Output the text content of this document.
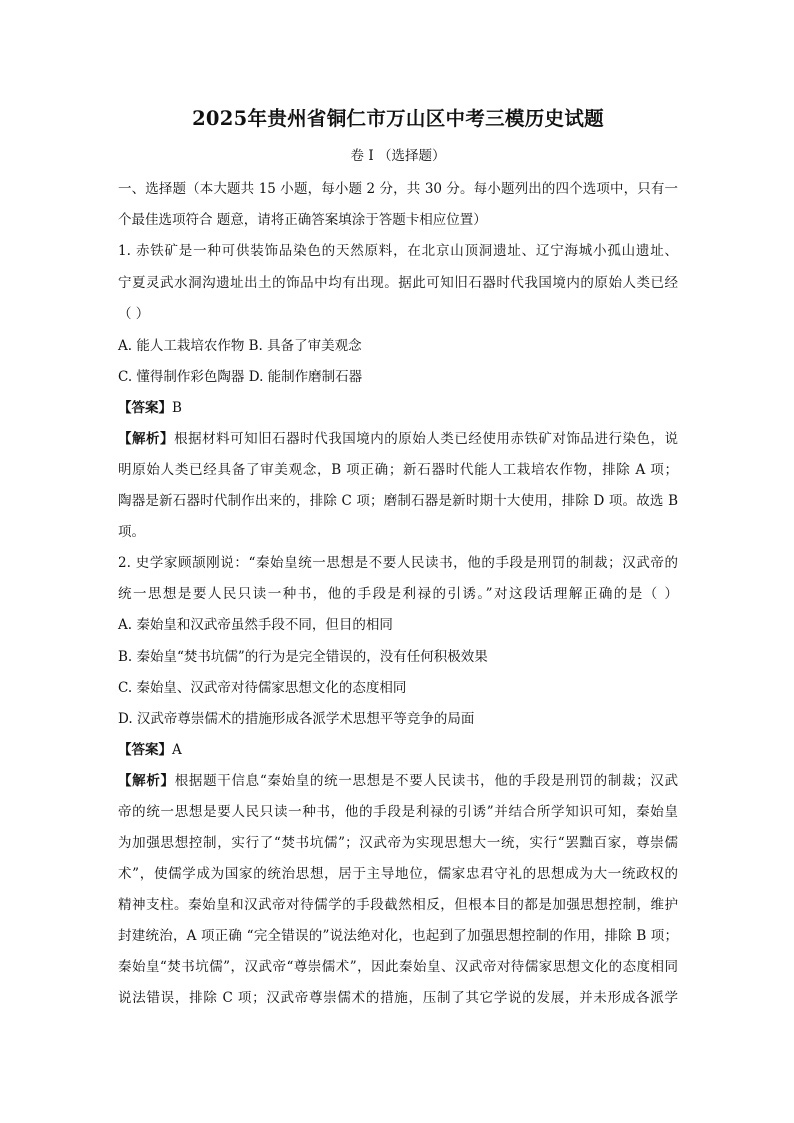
2025年贵州省铜仁市万山区中考三模历史试题
卷 I （选择题）
一、选择题（本大题共 15 小题，每小题 2 分，共 30 分。每小题列出的四个选项中，只有一
个最佳选项符合 题意，请将正确答案填涂于答题卡相应位置）
1. 赤铁矿是一种可供装饰品染色的天然原料，在北京山顶洞遗址、辽宁海城小孤山遗址、
宁夏灵武水洞沟遗址出土的饰品中均有出现。据此可知旧石器时代我国境内的原始人类已经
（ ）
A. 能人工栽培农作物 B. 具备了审美观念
C. 懂得制作彩色陶器 D. 能制作磨制石器
【答案】B
【解析】根据材料可知旧石器时代我国境内的原始人类已经使用赤铁矿对饰品进行染色，说
明原始人类已经具备了审美观念，B 项正确；新石器时代能人工栽培农作物，排除 A 项；
陶器是新石器时代制作出来的，排除 C 项；磨制石器是新时期十大使用，排除 D 项。故选 B
项。
2. 史学家顾颉刚说：“秦始皇统一思想是不要人民读书，他的手段是刑罚的制裁；汉武帝的
统一思想是要人民只读一种书，他的手段是利禄的引诱。”对这段话理解正确的是（ ）
A. 秦始皇和汉武帝虽然手段不同，但目的相同
B. 秦始皇“焚书坑儒”的行为是完全错误的，没有任何积极效果
C. 秦始皇、汉武帝对待儒家思想文化的态度相同
D. 汉武帝尊崇儒术的措施形成各派学术思想平等竞争的局面
【答案】A
【解析】根据题干信息“秦始皇的统一思想是不要人民读书，他的手段是刑罚的制裁；汉武
帝的统一思想是要人民只读一种书，他的手段是利禄的引诱”并结合所学知识可知，秦始皇
为加强思想控制，实行了“焚书坑儒”；汉武帝为实现思想大一统，实行“罢黜百家，尊崇儒
术”，使儒学成为国家的统治思想，居于主导地位，儒家忠君守礼的思想成为大一统政权的
精神支柱。秦始皇和汉武帝对待儒学的手段截然相反，但根本目的都是加强思想控制，维护
封建统治，A 项正确 “完全错误的”说法绝对化，也起到了加强思想控制的作用，排除 B 项；
秦始皇“焚书坑儒”，汉武帝“尊崇儒术”，因此秦始皇、汉武帝对待儒家思想文化的态度相同
说法错误，排除 C 项；汉武帝尊崇儒术的措施，压制了其它学说的发展，并未形成各派学
